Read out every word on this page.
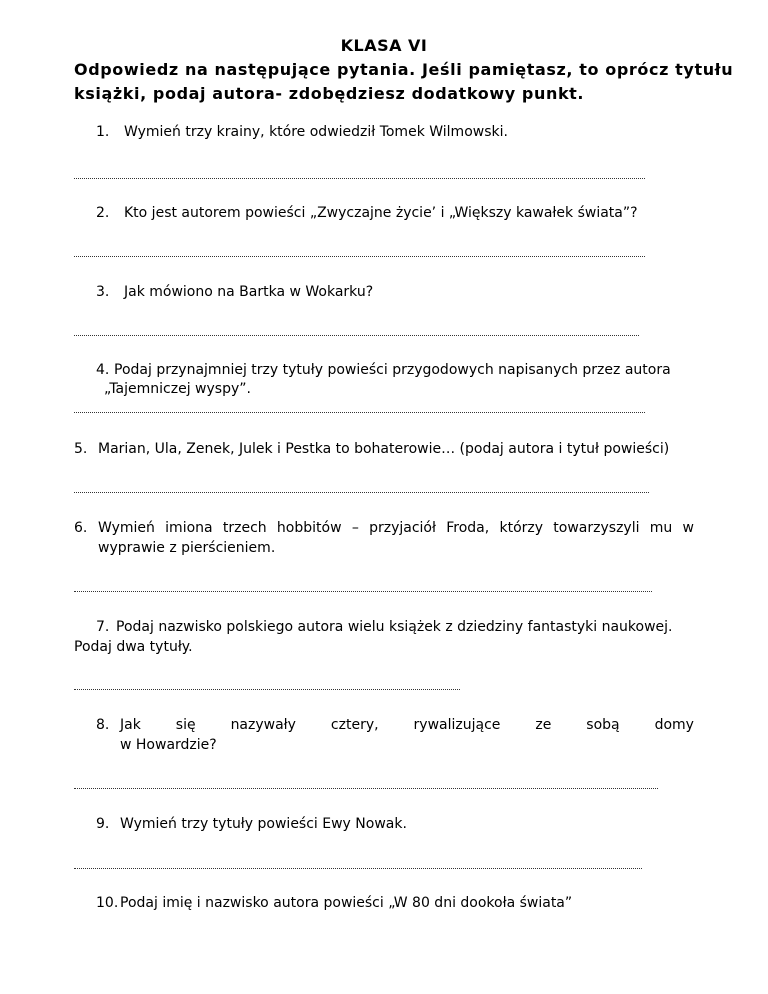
KLASA VI
Odpowiedz na następujące pytania. Jeśli pamiętasz, to oprócz tytułu
książki, podaj autora- zdobędziesz dodatkowy punkt.
1. Wymień trzy krainy, które odwiedził Tomek Wilmowski.
2. Kto jest autorem powieści „Zwyczajne życie’ i „Większy kawałek świata”?
3. Jak mówiono na Bartka w Wokarku?
4. Podaj przynajmniej trzy tytuły powieści przygodowych napisanych przez autora
„Tajemniczej wyspy”.
5. Marian, Ula, Zenek, Julek i Pestka to bohaterowie… (podaj autora i tytuł powieści)
6. Wymień imiona trzech hobbitów – przyjaciół Froda, którzy towarzyszyli mu w
wyprawie z pierścieniem.
7. Podaj nazwisko polskiego autora wielu książek z dziedziny fantastyki naukowej.
Podaj dwa tytuły.
8. Jak się nazywały cztery, rywalizujące ze sobą domy
w Howardzie?
9. Wymień trzy tytuły powieści Ewy Nowak.
10. Podaj imię i nazwisko autora powieści „W 80 dni dookoła świata”
